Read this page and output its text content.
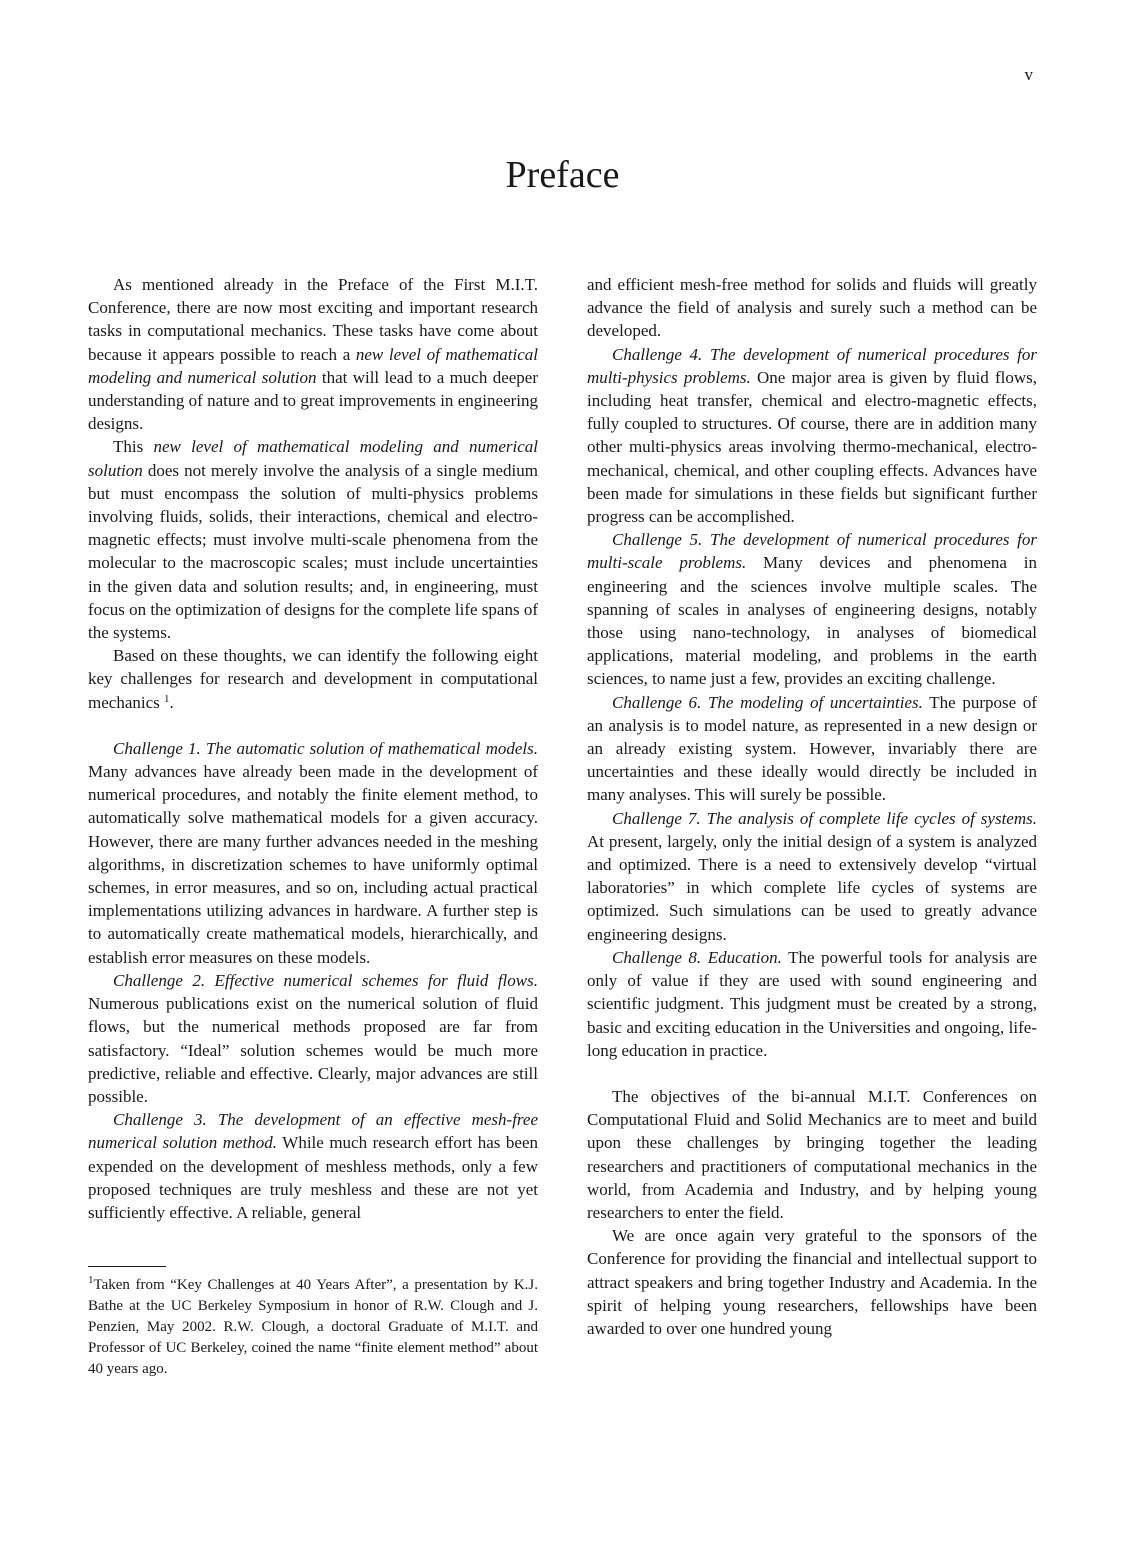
v
Preface

As mentioned already in the Preface of the First M.I.T. Conference, there are now most exciting and important research tasks in computational mechanics. These tasks have come about because it appears possible to reach a new level of mathematical modeling and numerical solution that will lead to a much deeper understanding of nature and to great improvements in engineering designs.

This new level of mathematical modeling and numerical solution does not merely involve the analysis of a single medium but must encompass the solution of multi-physics problems involving fluids, solids, their interactions, chemical and electro-magnetic effects; must involve multi-scale phenomena from the molecular to the macroscopic scales; must include uncertainties in the given data and solution results; and, in engineering, must focus on the optimization of designs for the complete life spans of the systems.

Based on these thoughts, we can identify the following eight key challenges for research and development in computational mechanics $^1$.

Challenge 1. The automatic solution of mathematical models. Many advances have already been made in the development of numerical procedures, and notably the finite element method, to automatically solve mathematical models for a given accuracy. However, there are many further advances needed in the meshing algorithms, in discretization schemes to have uniformly optimal schemes, in error measures, and so on, including actual practical implementations utilizing advances in hardware. A further step is to automatically create mathematical models, hierarchically, and establish error measures on these models.

Challenge 2. Effective numerical schemes for fluid flows. Numerous publications exist on the numerical solution of fluid flows, but the numerical methods proposed are far from satisfactory. “Ideal” solution schemes would be much more predictive, reliable and effective. Clearly, major advances are still possible.

Challenge 3. The development of an effective mesh-free numerical solution method. While much research effort has been expended on the development of meshless methods, only a few proposed techniques are truly meshless and these are not yet sufficiently effective. A reliable, general

$^1$Taken from “Key Challenges at 40 Years After”, a presentation by K.J. Bathe at the UC Berkeley Symposium in honor of R.W. Clough and J. Penzien, May 2002. R.W. Clough, a doctoral Graduate of M.I.T. and Professor of UC Berkeley, coined the name “finite element method” about 40 years ago.

and efficient mesh-free method for solids and fluids will greatly advance the field of analysis and surely such a method can be developed.

Challenge 4. The development of numerical procedures for multi-physics problems. One major area is given by fluid flows, including heat transfer, chemical and electro-magnetic effects, fully coupled to structures. Of course, there are in addition many other multi-physics areas involving thermo-mechanical, electro-mechanical, chemical, and other coupling effects. Advances have been made for simulations in these fields but significant further progress can be accomplished.

Challenge 5. The development of numerical procedures for multi-scale problems. Many devices and phenomena in engineering and the sciences involve multiple scales. The spanning of scales in analyses of engineering designs, notably those using nano-technology, in analyses of biomedical applications, material modeling, and problems in the earth sciences, to name just a few, provides an exciting challenge.

Challenge 6. The modeling of uncertainties. The purpose of an analysis is to model nature, as represented in a new design or an already existing system. However, invariably there are uncertainties and these ideally would directly be included in many analyses. This will surely be possible.

Challenge 7. The analysis of complete life cycles of systems. At present, largely, only the initial design of a system is analyzed and optimized. There is a need to extensively develop “virtual laboratories” in which complete life cycles of systems are optimized. Such simulations can be used to greatly advance engineering designs.

Challenge 8. Education. The powerful tools for analysis are only of value if they are used with sound engineering and scientific judgment. This judgment must be created by a strong, basic and exciting education in the Universities and ongoing, life-long education in practice.

The objectives of the bi-annual M.I.T. Conferences on Computational Fluid and Solid Mechanics are to meet and build upon these challenges by bringing together the leading researchers and practitioners of computational mechanics in the world, from Academia and Industry, and by helping young researchers to enter the field.

We are once again very grateful to the sponsors of the Conference for providing the financial and intellectual support to attract speakers and bring together Industry and Academia. In the spirit of helping young researchers, fellowships have been awarded to over one hundred young
